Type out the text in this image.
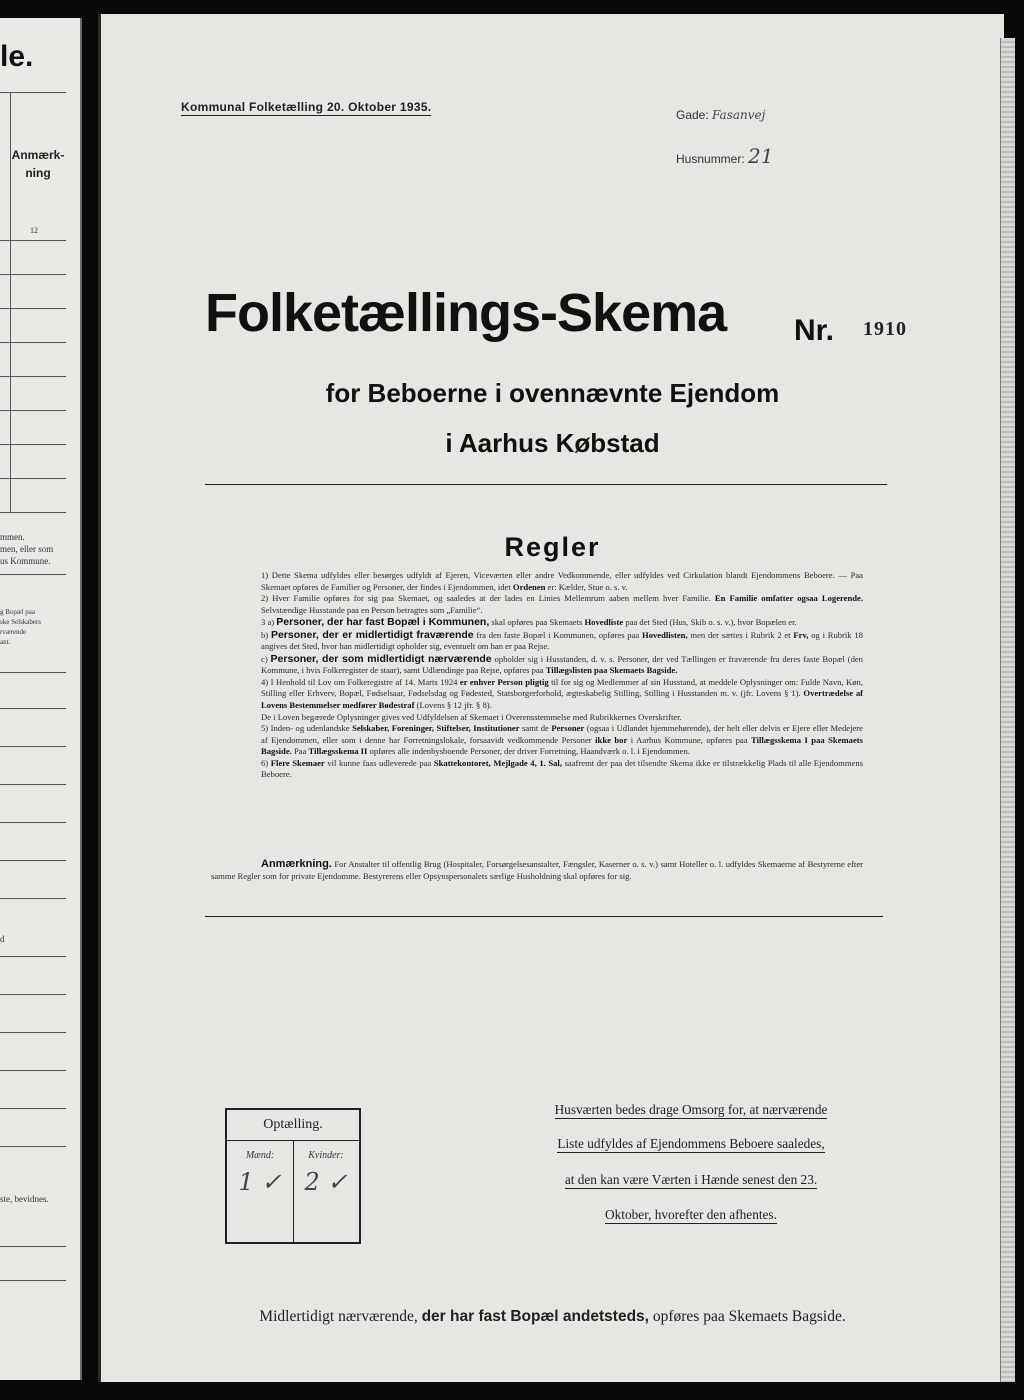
le.
Anmærk-
ning
12
mmen.
men, eller som
us Kommune.
g Bopæl paa
ske Selskabers
rværende
ant.
d
ste, bevidnes.
Kommunal Folketælling 20. Oktober 1935.
Gade: Fasanvej
Husnummer: 21
Folketællings-Skema Nr. 1910
for Beboerne i ovennævnte Ejendom
i Aarhus Købstad
Regler

1) Dette Skema udfyldes eller besørges udfyldt af Ejeren, Viceværten eller andre Vedkommende, eller udfyldes ved Cirkulation blandt Ejendommens Beboere. — Paa Skemaet opføres de Familier og Personer, der findes i Ejendommen, idet Ordenen er: Kælder, Stue o. s. v.

2) Hver Familie opføres for sig paa Skemaet, og saaledes at der lades en Linies Mellemrum aaben mellem hver Familie. En Familie omfatter ogsaa Logerende. Selvstændige Husstande paa en Person betragtes som „Familie“.

3 a) Personer, der har fast Bopæl i Kommunen, skal opføres paa Skemaets Hovedliste paa det Sted (Hus, Skib o. s. v.), hvor Bopælen er.

b) Personer, der er midlertidigt fraværende fra den faste Bopæl i Kommunen, opføres paa Hovedlisten, men der sættes i Rubrik 2 et Frv, og i Rubrik 18 angives det Sted, hvor han midlertidigt opholder sig, eventuelt om han er paa Rejse.

c) Personer, der som midlertidigt nærværende opholder sig i Husstanden, d. v. s. Personer, der ved Tællingen er fraværende fra deres faste Bopæl (den Kommune, i hvis Folkeregister de staar), samt Udlændinge paa Rejse, opføres paa Tillægslisten paa Skemaets Bagside.

4) I Henhold til Lov om Folkeregistre af 14. Marts 1924 er enhver Person pligtig til for sig og Medlemmer af sin Husstand, at meddele Oplysninger om: Fulde Navn, Køn, Stilling eller Erhverv, Bopæl, Fødselsaar, Fødselsdag og Fødested, Statsborgerforhold, ægteskabelig Stilling, Stilling i Husstanden m. v. (jfr. Lovens § 1). Overtrædelse af Lovens Bestemmelser medfører Bødestraf (Lovens § 12 jfr. § 8).

De i Loven begærede Oplysninger gives ved Udfyldelsen af Skemaet i Overensstemmelse med Rubrikkernes Overskrifter.

5) Inden- og udenlandske Selskaber, Foreninger, Stiftelser, Institutioner samt de Personer (ogsaa i Udlandet hjemmehørende), der helt eller delvis er Ejere eller Medejere af Ejendommen, eller som i denne har Forretningslokale, forsaavidt vedkommende Personer ikke bor i Aarhus Kommune, opføres paa Tillægsskema I paa Skemaets Bagside. Paa Tillægsskema II opføres alle indenbysboende Personer, der driver Forretning, Haandværk o. l. i Ejendommen.

6) Flere Skemaer vil kunne faas udleverede paa Skattekontoret, Mejlgade 4, 1. Sal, saafremt der paa det tilsendte Skema ikke er tilstrækkelig Plads til alle Ejendommens Beboere.

Anmærkning. For Anstalter til offentlig Brug (Hospitaler, Forsørgelsesanstalter, Fængsler, Kaserner o. s. v.) samt Hoteller o. l. udfyldes Skemaerne af Bestyrerne efter samme Regler som for private Ejendomme. Bestyrerens eller Opsynspersonalets særlige Husholdning skal opføres for sig.
Optælling.
Mænd:	Kvinder:
1 ✓ 2 ✓
Husværten bedes drage Omsorg for, at nærværende
Liste udfyldes af Ejendommens Beboere saaledes,
at den kan være Værten i Hænde senest den 23.
Oktober, hvorefter den afhentes.
Midlertidigt nærværende, der har fast Bopæl andetsteds, opføres paa Skemaets Bagside.
